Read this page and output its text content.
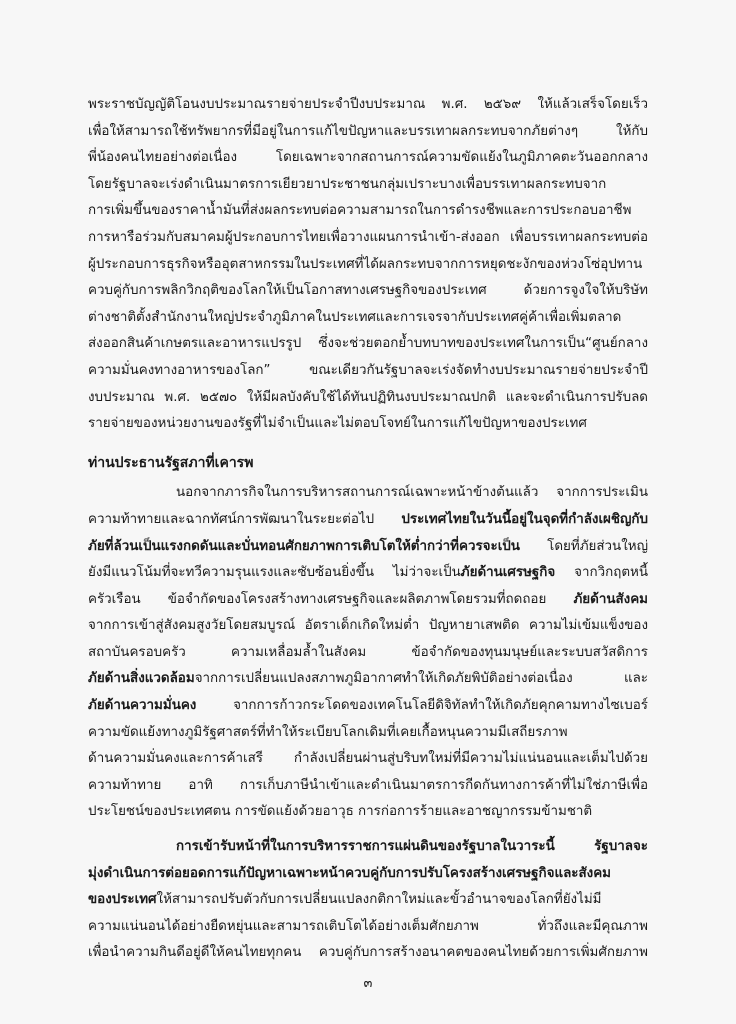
พระราชบัญญัติโอนงบประมาณรายจ่ายประจำปีงบประมาณ พ.ศ. ๒๕๖๙ ให้แล้วเสร็จโดยเร็ว
เพื่อให้สามารถใช้ทรัพยากรที่มีอยู่ในการแก้ไขปัญหาและบรรเทาผลกระทบจากภัยต่างๆ ให้กับ
พี่น้องคนไทยอย่างต่อเนื่อง โดยเฉพาะจากสถานการณ์ความขัดแย้งในภูมิภาคตะวันออกกลาง
โดยรัฐบาลจะเร่งดำเนินมาตรการเยียวยาประชาชนกลุ่มเปราะบางเพื่อบรรเทาผลกระทบจาก
การเพิ่มขึ้นของราคาน้ำมันที่ส่งผลกระทบต่อความสามารถในการดำรงชีพและการประกอบอาชีพ
การหารือร่วมกับสมาคมผู้ประกอบการไทยเพื่อวางแผนการนำเข้า-ส่งออก เพื่อบรรเทาผลกระทบต่อ
ผู้ประกอบการธุรกิจหรืออุตสาหกรรมในประเทศที่ได้ผลกระทบจากการหยุดชะงักของห่วงโซ่อุปทาน
ควบคู่กับการพลิกวิกฤติของโลกให้เป็นโอกาสทางเศรษฐกิจของประเทศ ด้วยการจูงใจให้บริษัท
ต่างชาติตั้งสำนักงานใหญ่ประจำภูมิภาคในประเทศและการเจรจากับประเทศคู่ค้าเพื่อเพิ่มตลาด
ส่งออกสินค้าเกษตรและอาหารแปรรูป ซึ่งจะช่วยตอกย้ำบทบาทของประเทศในการเป็น“ศูนย์กลาง
ความมั่นคงทางอาหารของโลก” ขณะเดียวกันรัฐบาลจะเร่งจัดทำงบประมาณรายจ่ายประจำปี
งบประมาณ พ.ศ. ๒๕๗๐ ให้มีผลบังคับใช้ได้ทันปฏิทินงบประมาณปกติ และจะดำเนินการปรับลด
รายจ่ายของหน่วยงานของรัฐที่ไม่จำเป็นและไม่ตอบโจทย์ในการแก้ไขปัญหาของประเทศ
ท่านประธานรัฐสภาที่เคารพ
นอกจากภารกิจในการบริหารสถานการณ์เฉพาะหน้าข้างต้นแล้ว จากการประเมิน
ความท้าทายและฉากทัศน์การพัฒนาในระยะต่อไป ประเทศไทยในวันนี้อยู่ในจุดที่กำลังเผชิญกับ
ภัยที่ล้วนเป็นแรงกดดันและบั่นทอนศักยภาพการเติบโตให้ต่ำกว่าที่ควรจะเป็น โดยที่ภัยส่วนใหญ่
ยังมีแนวโน้มที่จะทวีความรุนแรงและซับซ้อนยิ่งขึ้น ไม่ว่าจะเป็นภัยด้านเศรษฐกิจ จากวิกฤตหนี้
ครัวเรือน ข้อจำกัดของโครงสร้างทางเศรษฐกิจและผลิตภาพโดยรวมที่ถดถอย ภัยด้านสังคม
จากการเข้าสู่สังคมสูงวัยโดยสมบูรณ์ อัตราเด็กเกิดใหม่ต่ำ ปัญหายาเสพติด ความไม่เข้มแข็งของ
สถาบันครอบครัว ความเหลื่อมล้ำในสังคม ข้อจำกัดของทุนมนุษย์และระบบสวัสดิการ
ภัยด้านสิ่งแวดล้อมจากการเปลี่ยนแปลงสภาพภูมิอากาศทำให้เกิดภัยพิบัติอย่างต่อเนื่อง และ
ภัยด้านความมั่นคง จากการก้าวกระโดดของเทคโนโลยีดิจิทัลทำให้เกิดภัยคุกคามทางไซเบอร์
ความขัดแย้งทางภูมิรัฐศาสตร์ที่ทำให้ระเบียบโลกเดิมที่เคยเกื้อหนุนความมีเสถียรภาพ
ด้านความมั่นคงและการค้าเสรี กำลังเปลี่ยนผ่านสู่บริบทใหม่ที่มีความไม่แน่นอนและเต็มไปด้วย
ความท้าทาย อาทิ การเก็บภาษีนำเข้าและดำเนินมาตรการกีดกันทางการค้าที่ไม่ใช่ภาษีเพื่อ
ประโยชน์ของประเทศตน การขัดแย้งด้วยอาวุธ การก่อการร้ายและอาชญากรรมข้ามชาติ
การเข้ารับหน้าที่ในการบริหารราชการแผ่นดินของรัฐบาลในวาระนี้ รัฐบาลจะ
มุ่งดำเนินการต่อยอดการแก้ปัญหาเฉพาะหน้าควบคู่กับการปรับโครงสร้างเศรษฐกิจและสังคม
ของประเทศให้สามารถปรับตัวกับการเปลี่ยนแปลงกติกาใหม่และขั้วอำนาจของโลกที่ยังไม่มี
ความแน่นอนได้อย่างยืดหยุ่นและสามารถเติบโตได้อย่างเต็มศักยภาพ ทั่วถึงและมีคุณภาพ
เพื่อนำความกินดีอยู่ดีให้คนไทยทุกคน ควบคู่กับการสร้างอนาคตของคนไทยด้วยการเพิ่มศักยภาพ
๓
